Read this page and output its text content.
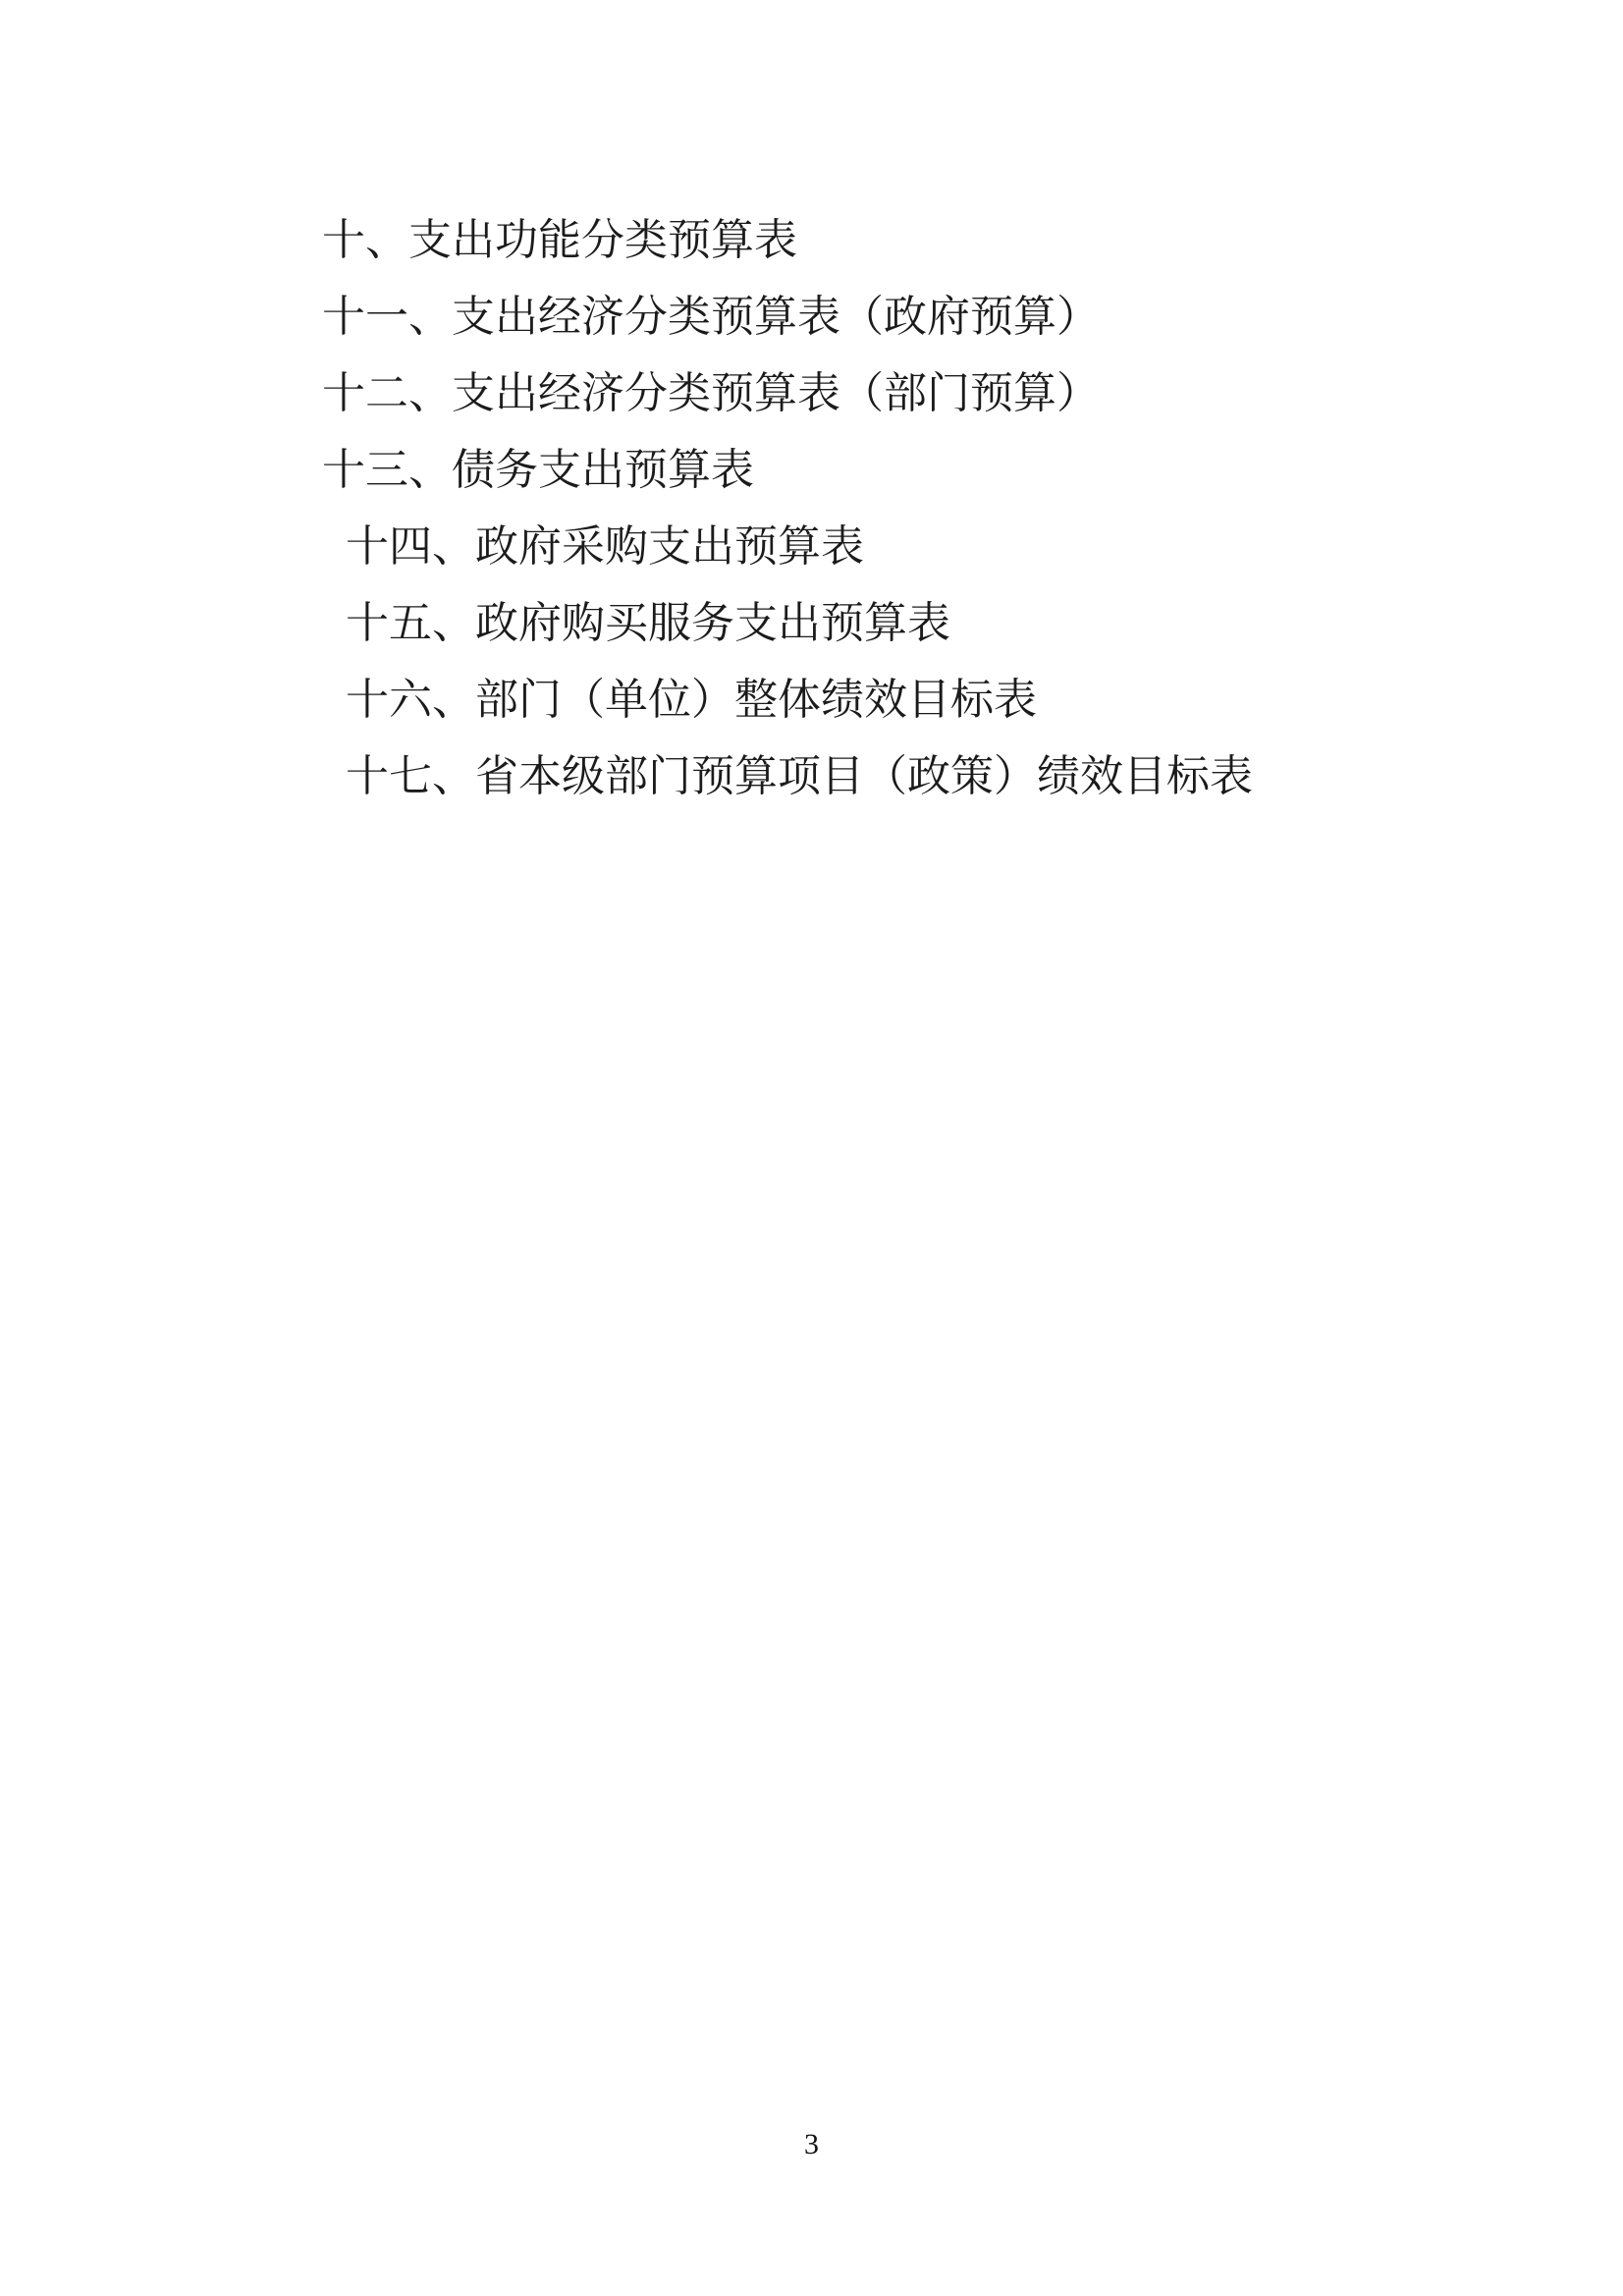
十、支出功能分类预算表
十一、支出经济分类预算表（政府预算）
十二、支出经济分类预算表（部门预算）
十三、债务支出预算表
十四、政府采购支出预算表
十五、政府购买服务支出预算表
十六、部门（单位）整体绩效目标表
十七、省本级部门预算项目（政策）绩效目标表
3
